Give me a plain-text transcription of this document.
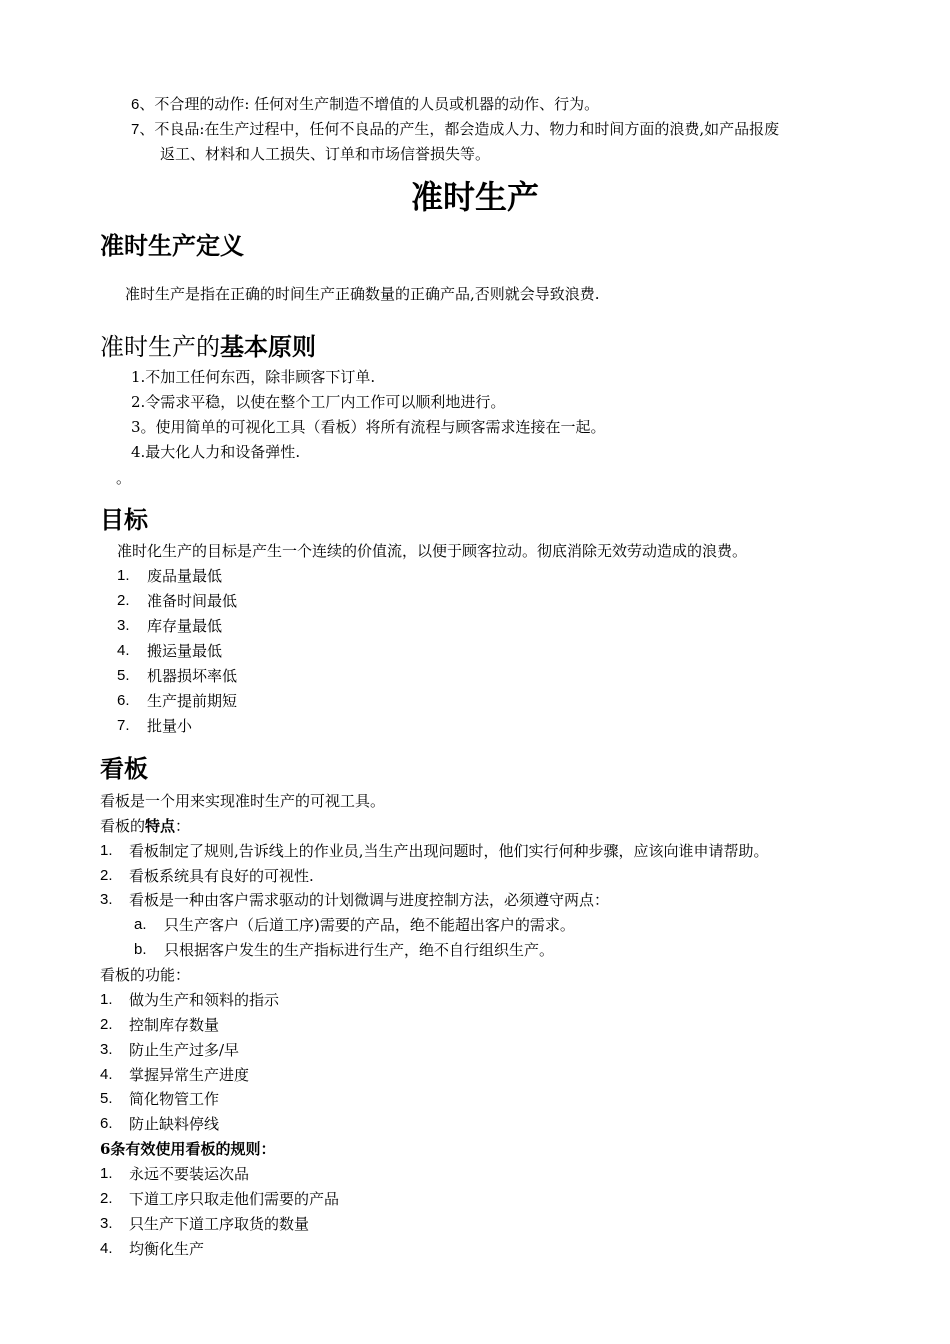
6、不合理的动作: 任何对生产制造不增值的人员或机器的动作、行为。
7、不良品:在生产过程中，任何不良品的产生，都会造成人力、物力和时间方面的浪费,如产品报废
返工、材料和人工损失、订单和市场信誉损失等。
准时生产
准时生产定义
准时生产是指在正确的时间生产正确数量的正确产品,否则就会导致浪费.
准时生产的基本原则
1.不加工任何东西，除非顾客下订单.
2.令需求平稳，以使在整个工厂内工作可以顺利地进行。
3。使用简单的可视化工具（看板）将所有流程与顾客需求连接在一起。
4.最大化人力和设备弹性.
。
目标
准时化生产的目标是产生一个连续的价值流，以便于顾客拉动。彻底消除无效劳动造成的浪费。
1. 废品量最低
2. 准备时间最低
3. 库存量最低
4. 搬运量最低
5. 机器损坏率低
6. 生产提前期短
7. 批量小
看板
看板是一个用来实现准时生产的可视工具。
看板的特点：
1. 看板制定了规则,告诉线上的作业员,当生产出现问题时，他们实行何种步骤，应该向谁申请帮助。
2. 看板系统具有良好的可视性.
3. 看板是一种由客户需求驱动的计划微调与进度控制方法，必须遵守两点：
a. 只生产客户（后道工序)需要的产品，绝不能超出客户的需求。
b. 只根据客户发生的生产指标进行生产，绝不自行组织生产。
看板的功能：
1. 做为生产和领料的指示
2. 控制库存数量
3. 防止生产过多/早
4. 掌握异常生产进度
5. 简化物管工作
6. 防止缺料停线
6条有效使用看板的规则：
1. 永远不要装运次品
2. 下道工序只取走他们需要的产品
3. 只生产下道工序取货的数量
4. 均衡化生产
